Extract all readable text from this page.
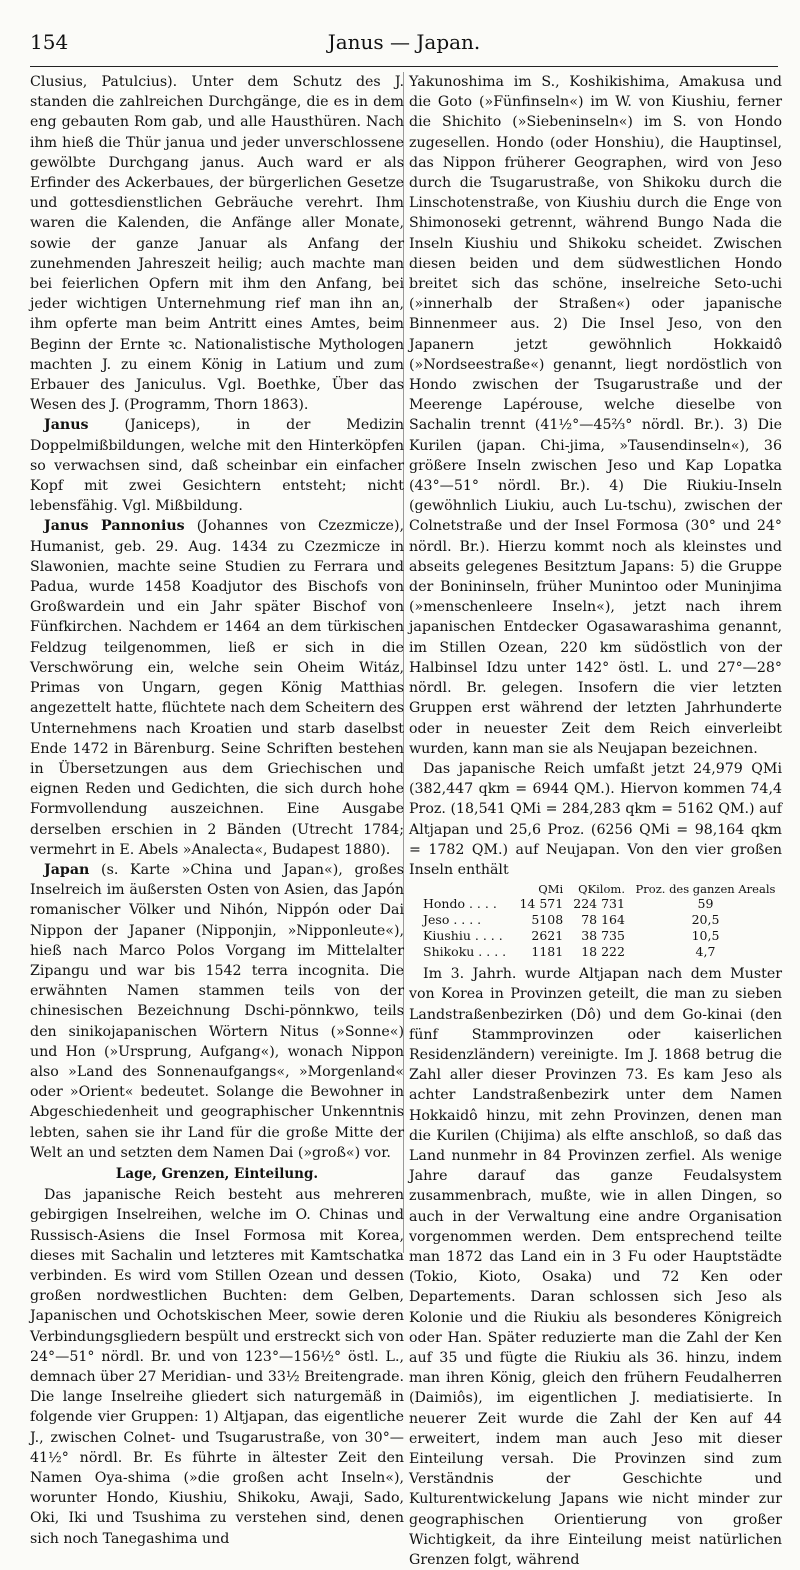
154	Janus — Japan.

Clusius, Patulcius). Unter dem Schutz des J. standen die zahlreichen Durchgänge, die es in dem eng gebauten Rom gab, und alle Hausthüren. Nach ihm hieß die Thür janua und jeder unverschlossene gewölbte Durchgang janus. Auch ward er als Erfinder des Ackerbaues, der bürgerlichen Gesetze und gottesdienstlichen Gebräuche verehrt. Ihm waren die Kalenden, die Anfänge aller Monate, sowie der ganze Januar als Anfang der zunehmenden Jahreszeit heilig; auch machte man bei feierlichen Opfern mit ihm den Anfang, bei jeder wichtigen Unternehmung rief man ihn an, ihm opferte man beim Antritt eines Amtes, beim Beginn der Ernte ꝛc. Nationalistische Mythologen machten J. zu einem König in Latium und zum Erbauer des Janiculus. Vgl. Boethke, Über das Wesen des J. (Programm, Thorn 1863).

Janus (Janiceps), in der Medizin Doppelmißbildungen, welche mit den Hinterköpfen so verwachsen sind, daß scheinbar ein einfacher Kopf mit zwei Gesichtern entsteht; nicht lebensfähig. Vgl. Mißbildung.

Janus Pannonius (Johannes von Czezmicze), Humanist, geb. 29. Aug. 1434 zu Czezmicze in Slawonien, machte seine Studien zu Ferrara und Padua, wurde 1458 Koadjutor des Bischofs von Großwardein und ein Jahr später Bischof von Fünfkirchen. Nachdem er 1464 an dem türkischen Feldzug teilgenommen, ließ er sich in die Verschwörung ein, welche sein Oheim Witáz, Primas von Ungarn, gegen König Matthias angezettelt hatte, flüchtete nach dem Scheitern des Unternehmens nach Kroatien und starb daselbst Ende 1472 in Bärenburg. Seine Schriften bestehen in Übersetzungen aus dem Griechischen und eignen Reden und Gedichten, die sich durch hohe Formvollendung auszeichnen. Eine Ausgabe derselben erschien in 2 Bänden (Utrecht 1784; vermehrt in E. Abels »Analecta«, Budapest 1880).

Japan (s. Karte »China und Japan«), großes Inselreich im äußersten Osten von Asien, das Japón romanischer Völker und Nihón, Nippón oder Dai Nippon der Japaner (Nipponjin, »Nipponleute«), hieß nach Marco Polos Vorgang im Mittelalter Zipangu und war bis 1542 terra incognita. Die erwähnten Namen stammen teils von der chinesischen Bezeichnung Dschi-pönnkwo, teils den sinikojapanischen Wörtern Nitus (»Sonne«) und Hon (»Ursprung, Aufgang«), wonach Nippon also »Land des Sonnenaufgangs«, »Morgenland« oder »Orient« bedeutet. Solange die Bewohner in Abgeschiedenheit und geographischer Unkenntnis lebten, sahen sie ihr Land für die große Mitte der Welt an und setzten dem Namen Dai (»groß«) vor.

Lage, Grenzen, Einteilung.

Das japanische Reich besteht aus mehreren gebirgigen Inselreihen, welche im O. Chinas und Russisch-Asiens die Insel Formosa mit Korea, dieses mit Sachalin und letzteres mit Kamtschatka verbinden. Es wird vom Stillen Ozean und dessen großen nordwestlichen Buchten: dem Gelben, Japanischen und Ochotskischen Meer, sowie deren Verbindungsgliedern bespült und erstreckt sich von 24°—51° nördl. Br. und von 123°—156½° östl. L., demnach über 27 Meridian- und 33½ Breitengrade. Die lange Inselreihe gliedert sich naturgemäß in folgende vier Gruppen: 1) Altjapan, das eigentliche J., zwischen Colnet- und Tsugarustraße, von 30°—41½° nördl. Br. Es führte in ältester Zeit den Namen Oya-shima (»die großen acht Inseln«), worunter Hondo, Kiushiu, Shikoku, Awaji, Sado, Oki, Iki und Tsushima zu verstehen sind, denen sich noch Tanegashima und

Yakunoshima im S., Koshikishima, Amakusa und die Goto (»Fünfinseln«) im W. von Kiushiu, ferner die Shichito (»Siebeninseln«) im S. von Hondo zugesellen. Hondo (oder Honshiu), die Hauptinsel, das Nippon früherer Geographen, wird von Jeso durch die Tsugarustraße, von Shikoku durch die Linschotenstraße, von Kiushiu durch die Enge von Shimonoseki getrennt, während Bungo Nada die Inseln Kiushiu und Shikoku scheidet. Zwischen diesen beiden und dem südwestlichen Hondo breitet sich das schöne, inselreiche Seto-uchi (»innerhalb der Straßen«) oder japanische Binnenmeer aus. 2) Die Insel Jeso, von den Japanern jetzt gewöhnlich Hokkaidô (»Nordseestraße«) genannt, liegt nordöstlich von Hondo zwischen der Tsugarustraße und der Meerenge Lapérouse, welche dieselbe von Sachalin trennt (41½°—45⅔° nördl. Br.). 3) Die Kurilen (japan. Chi-jima, »Tausendinseln«), 36 größere Inseln zwischen Jeso und Kap Lopatka (43°—51° nördl. Br.). 4) Die Riukiu-Inseln (gewöhnlich Liukiu, auch Lu-tschu), zwischen der Colnetstraße und der Insel Formosa (30° und 24° nördl. Br.). Hierzu kommt noch als kleinstes und abseits gelegenes Besitztum Japans: 5) die Gruppe der Bonininseln, früher Munintoo oder Muninjima (»menschenleere Inseln«), jetzt nach ihrem japanischen Entdecker Ogasawarashima genannt, im Stillen Ozean, 220 km südöstlich von der Halbinsel Idzu unter 142° östl. L. und 27°—28° nördl. Br. gelegen. Insofern die vier letzten Gruppen erst während der letzten Jahrhunderte oder in neuester Zeit dem Reich einverleibt wurden, kann man sie als Neujapan bezeichnen.

Das japanische Reich umfaßt jetzt 24,979 QMi (382,447 qkm = 6944 QM.). Hiervon kommen 74,4 Proz. (18,541 QMi = 284,283 qkm = 5162 QM.) auf Altjapan und 25,6 Proz. (6256 QMi = 98,164 qkm = 1782 QM.) auf Neujapan. Von den vier großen Inseln enthält

	QMi	QKilom.	Proz. des ganzen Areals
Hondo . . . .	14 571	224 731	59
Jeso . . . .	5108	78 164	20,5
Kiushiu . . . .	2621	38 735	10,5
Shikoku . . . .	1181	18 222	4,7

Im 3. Jahrh. wurde Altjapan nach dem Muster von Korea in Provinzen geteilt, die man zu sieben Landstraßenbezirken (Dô) und dem Go-kinai (den fünf Stammprovinzen oder kaiserlichen Residenzländern) vereinigte. Im J. 1868 betrug die Zahl aller dieser Provinzen 73. Es kam Jeso als achter Landstraßenbezirk unter dem Namen Hokkaidô hinzu, mit zehn Provinzen, denen man die Kurilen (Chijima) als elfte anschloß, so daß das Land nunmehr in 84 Provinzen zerfiel. Als wenige Jahre darauf das ganze Feudalsystem zusammenbrach, mußte, wie in allen Dingen, so auch in der Verwaltung eine andre Organisation vorgenommen werden. Dem entsprechend teilte man 1872 das Land ein in 3 Fu oder Hauptstädte (Tokio, Kioto, Osaka) und 72 Ken oder Departements. Daran schlossen sich Jeso als Kolonie und die Riukiu als besonderes Königreich oder Han. Später reduzierte man die Zahl der Ken auf 35 und fügte die Riukiu als 36. hinzu, indem man ihren König, gleich den frühern Feudalherren (Daimiôs), im eigentlichen J. mediatisierte. In neuerer Zeit wurde die Zahl der Ken auf 44 erweitert, indem man auch Jeso mit dieser Einteilung versah. Die Provinzen sind zum Verständnis der Geschichte und Kulturentwickelung Japans wie nicht minder zur geographischen Orientierung von großer Wichtigkeit, da ihre Einteilung meist natürlichen Grenzen folgt, während
